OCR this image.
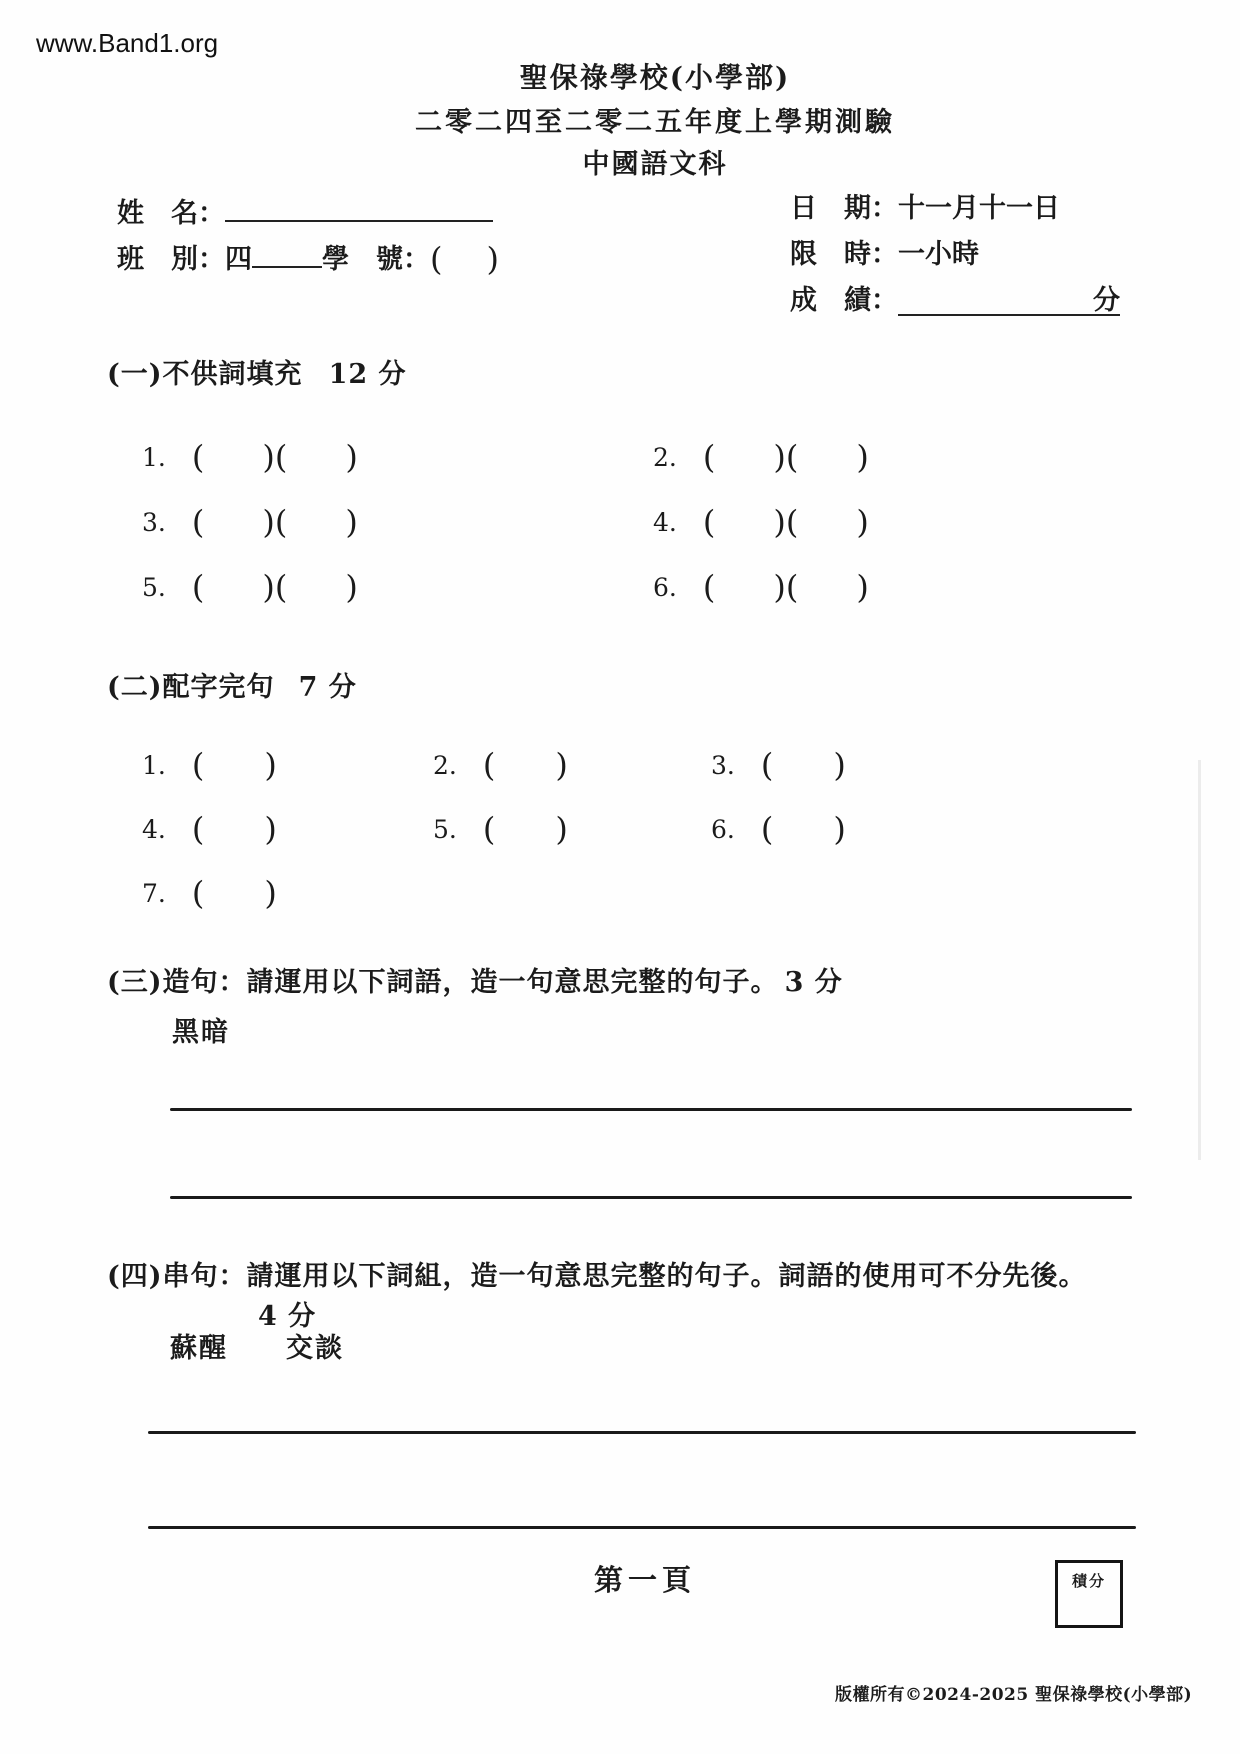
www.Band1.org
聖保祿學校(小學部)
二零二四至二零二五年度上學期測驗
中國語文科
姓　名：
班　別：四	學　號：( )
日　期：十一月十一日
限　時：一小時
成　績：	分
(一)不供詞填充 12 分
1. ( )( )	2. ( )( )
3. ( )( )	4. ( )( )
5. ( )( )	6. ( )( )
(二)配字完句 7 分
1. ( )	2. ( )	3. ( )
4. ( )	5. ( )	6. ( )
7. ( )
(三)造句：請運用以下詞語，造一句意思完整的句子。 3 分
黑暗
(四)串句：請運用以下詞組，造一句意思完整的句子。詞語的使用可不分先後。
4 分
蘇醒 交談
第一頁	積分
版權所有©2024-2025 聖保祿學校(小學部)
